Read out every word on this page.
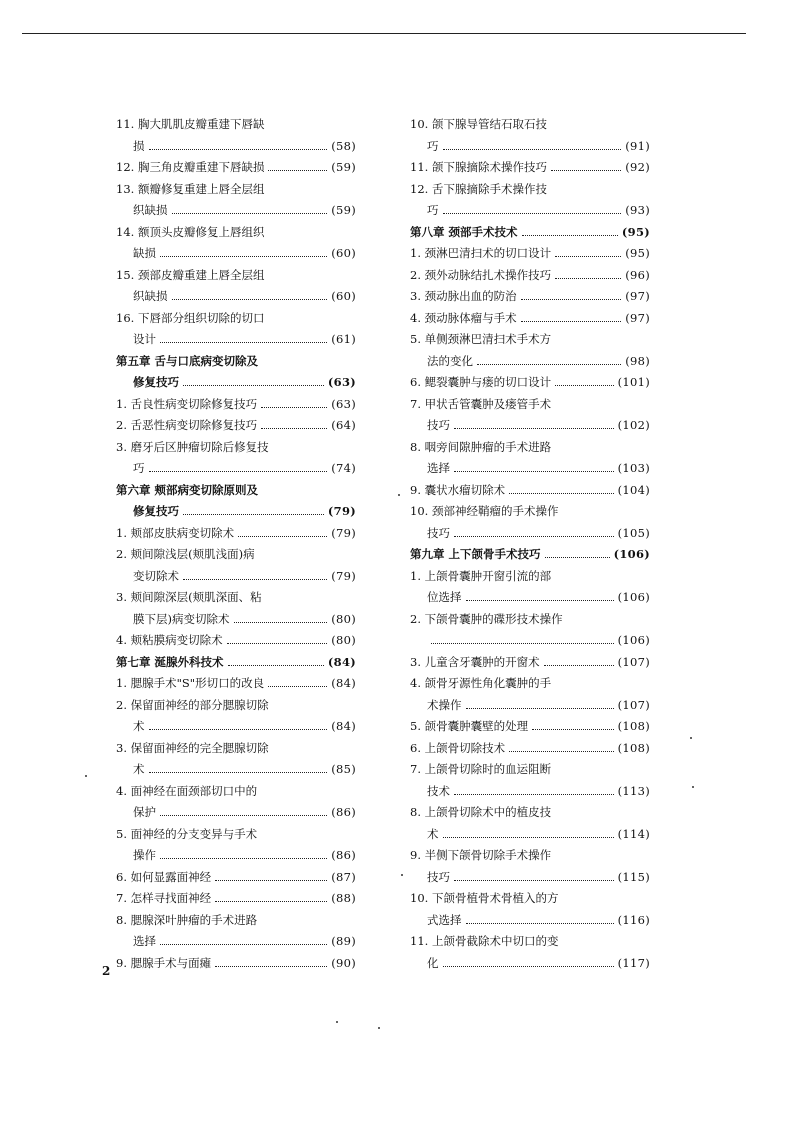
11. 胸大肌肌皮瓣重建下唇缺
损	(58)
12. 胸三角皮瓣重建下唇缺损	(59)
13. 额瓣修复重建上唇全层组
织缺损	(59)
14. 额顶头皮瓣修复上唇组织
缺损	(60)
15. 颈部皮瓣重建上唇全层组
织缺损	(60)
16. 下唇部分组织切除的切口
设计	(61)
第五章 舌与口底病变切除及
修复技巧	(63)
1. 舌良性病变切除修复技巧	(63)
2. 舌恶性病变切除修复技巧	(64)
3. 磨牙后区肿瘤切除后修复技
巧	(74)
第六章 颊部病变切除原则及
修复技巧	(79)
1. 颊部皮肤病变切除术	(79)
2. 颊间隙浅层(颊肌浅面)病
变切除术	(79)
3. 颊间隙深层(颊肌深面、粘
膜下层)病变切除术	(80)
4. 颊粘膜病变切除术	(80)
第七章 涎腺外科技术	(84)
1. 腮腺手术"S"形切口的改良	(84)
2. 保留面神经的部分腮腺切除
术	(84)
3. 保留面神经的完全腮腺切除
术	(85)
4. 面神经在面颈部切口中的
保护	(86)
5. 面神经的分支变异与手术
操作	(86)
6. 如何显露面神经	(87)
7. 怎样寻找面神经	(88)
8. 腮腺深叶肿瘤的手术进路
选择	(89)
9. 腮腺手术与面瘫	(90)
10. 颌下腺导管结石取石技
巧	(91)
11. 颌下腺摘除术操作技巧	(92)
12. 舌下腺摘除手术操作技
巧	(93)
第八章 颈部手术技术	(95)
1. 颈淋巴清扫术的切口设计	(95)
2. 颈外动脉结扎术操作技巧	(96)
3. 颈动脉出血的防治	(97)
4. 颈动脉体瘤与手术	(97)
5. 单侧颈淋巴清扫术手术方
法的变化	(98)
6. 鳃裂囊肿与瘘的切口设计	(101)
7. 甲状舌管囊肿及瘘管手术
技巧	(102)
8. 咽旁间隙肿瘤的手术进路
选择	(103)
9. 囊状水瘤切除术	(104)
10. 颈部神经鞘瘤的手术操作
技巧	(105)
第九章 上下颌骨手术技巧	(106)
1. 上颌骨囊肿开窗引流的部
位选择	(106)
2. 下颌骨囊肿的碟形技术操作
(106)
3. 儿童含牙囊肿的开窗术	(107)
4. 颌骨牙源性角化囊肿的手
术操作	(107)
5. 颌骨囊肿囊壁的处理	(108)
6. 上颌骨切除技术	(108)
7. 上颌骨切除时的血运阻断
技术	(113)
8. 上颌骨切除术中的植皮技
术	(114)
9. 半侧下颌骨切除手术操作
技巧	(115)
10. 下颌骨植骨术骨植入的方
式选择	(116)
11. 上颌骨截除术中切口的变
化	(117)
2
